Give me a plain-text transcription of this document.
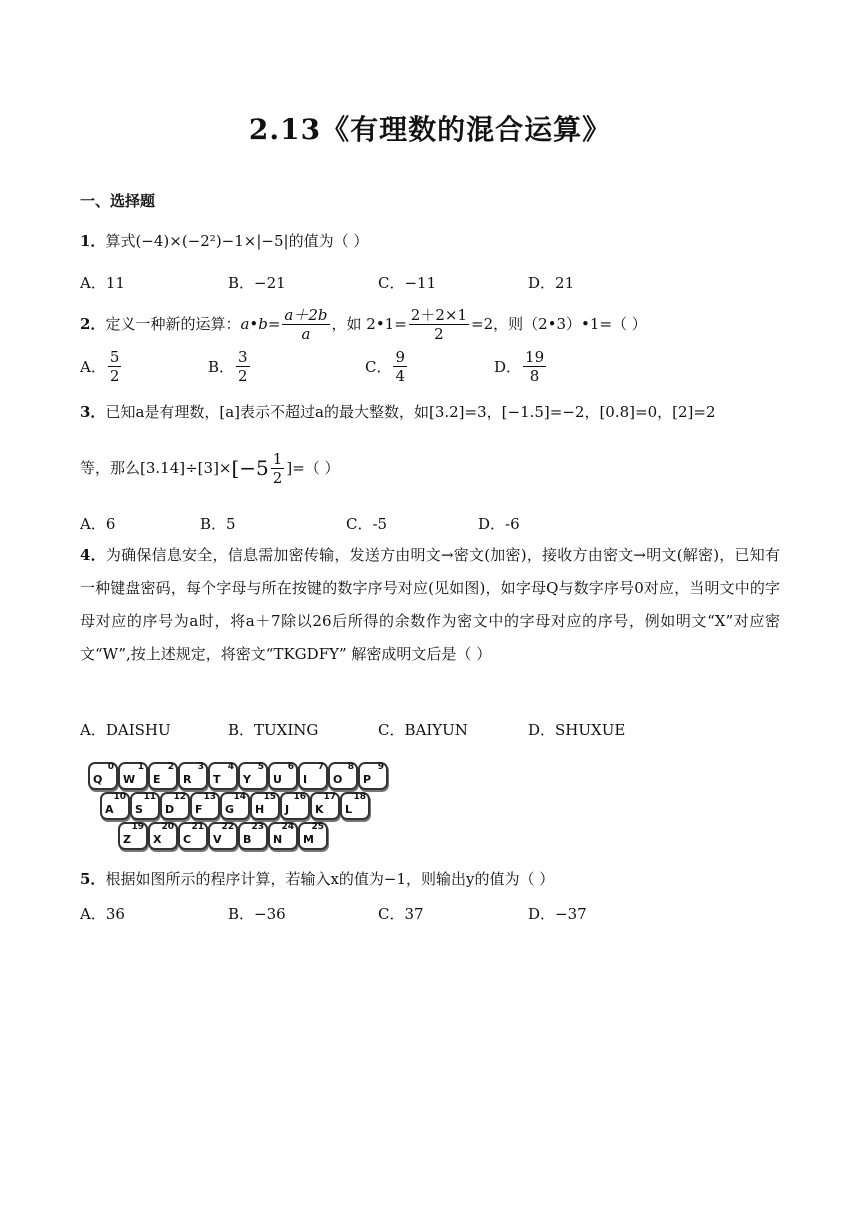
2.13《有理数的混合运算》
一、选择题
1．算式(−4)×(−2²)−1×|−5|的值为（ ）
A．11	B．−21	C．−11	D．21
2． 定义一种新的运算： a•b= $\frac{a+2b}{a}$ ，如 2•1= $\frac{2+2\times 1}{2} =2$，则（2•3）•1=（ ）
A． $\frac{5}{2}$	B． $\frac{3}{2}$	C． $\frac{9}{4}$	D． $\frac{19}{8}$
3．已知a是有理数，[a]表示不超过a的最大整数，如[3.2]=3，[−1.5]=−2，[0.8]=0，[2]=2
等，那么$[3.14]\div[3]\times [-5 \frac{1}{2}$ ]=（ ）
A．6	B．5	C．-5	D．-6
4．为确保信息安全，信息需加密传输，发送方由明文→密文(加密)，接收方由密文→明文(解密)，已知有一种键盘密码，每个字母与所在按键的数字序号对应(见如图)，如字母Q与数字序号0对应，当明文中的字母对应的序号为a时，将a＋7除以26后所得的余数作为密文中的字母对应的序号，例如明文“X”对应密文“W”,按上述规定，将密文“TKGDFY” 解密成明文后是（ ）
A．DAISHU	B．TUXING	C．BAIYUN	D．SHUXUE
Q
0
W
1
E
2
R
3
T
4
Y
5
U
6
I
7
O
8
P
9
A
10
S
11
D
12
F
13
G
14
H
15
J
16
K
17
L
18
Z
19
X
20
C
21
V
22
B
23
N
24
M
25
5．根据如图所示的程序计算，若输入x的值为−1，则输出y的值为（ ）
A．36	B．−36	C．37	D．−37
